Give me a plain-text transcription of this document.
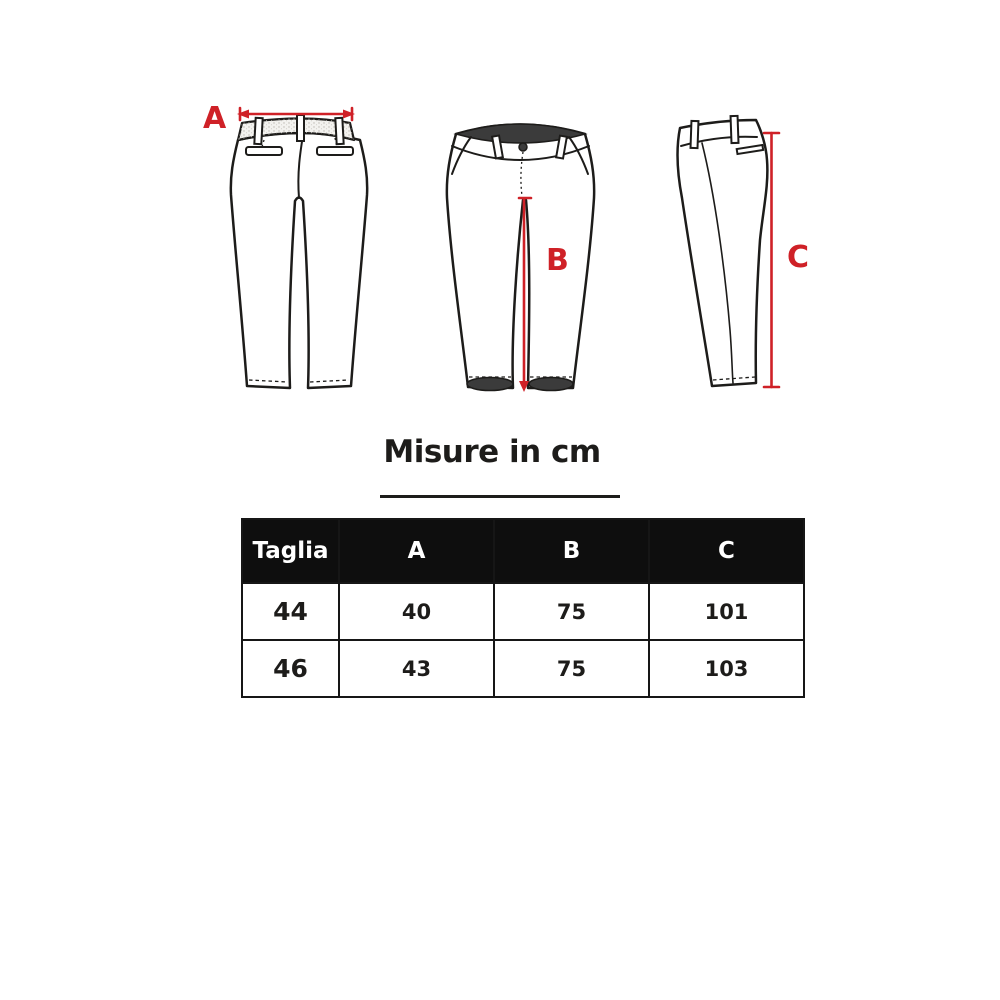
A
B	C
Misure in cm
Taglia	A	B	C
44	40	75	101
46	43	75	103
